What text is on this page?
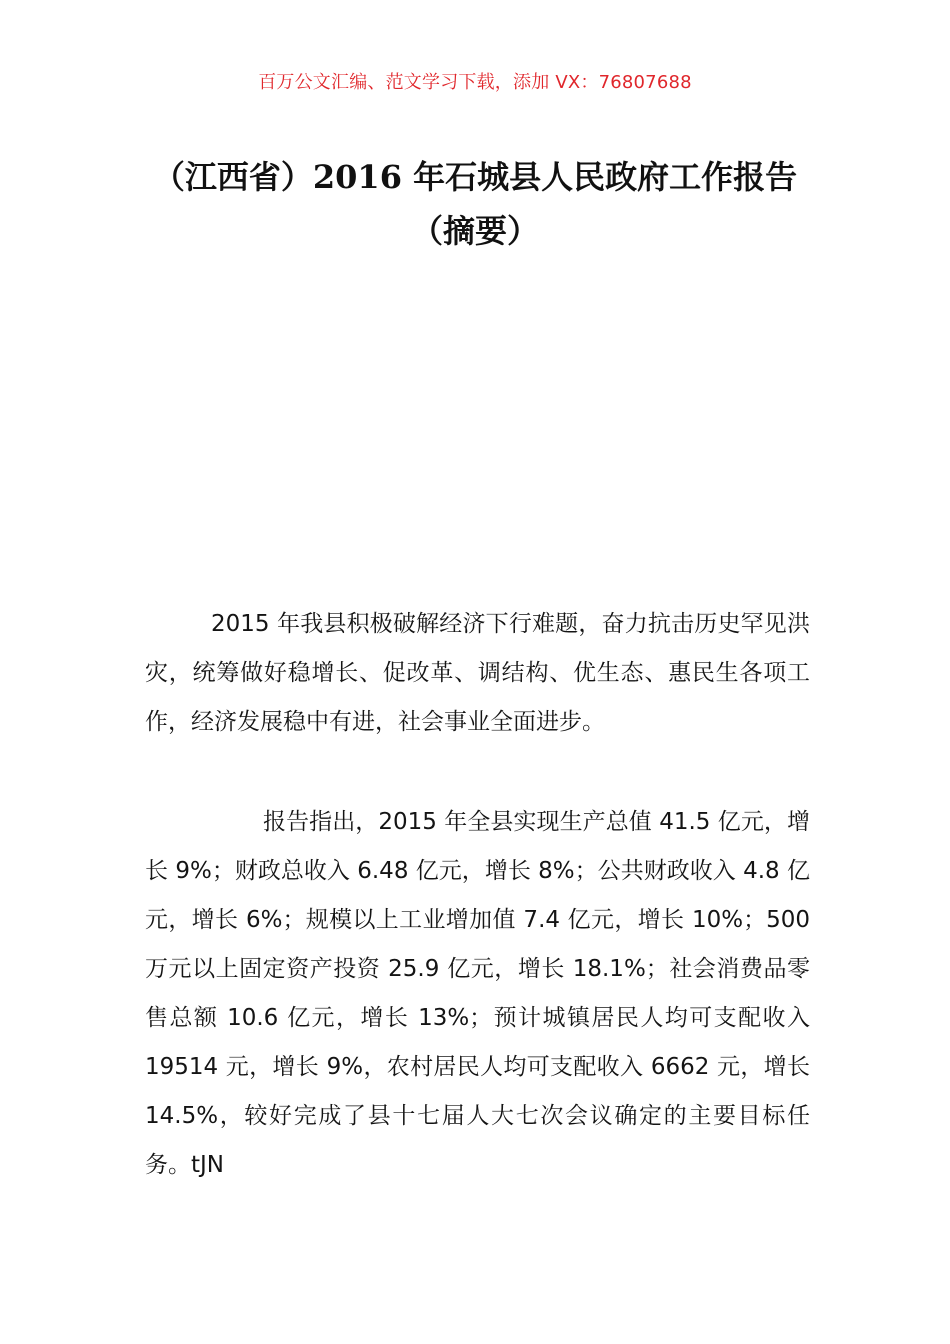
百万公文汇编、范文学习下载，添加 VX：76807688
（江西省）2016 年石城县人民政府工作报告（摘要）

2015 年我县积极破解经济下行难题，奋力抗击历史罕见洪灾，统筹做好稳增长、促改革、调结构、优生态、惠民生各项工作，经济发展稳中有进，社会事业全面进步。

报告指出，2015 年全县实现生产总值 41.5 亿元，增长 9%；财政总收入 6.48 亿元，增长 8%；公共财政收入 4.8 亿元，增长 6%；规模以上工业增加值 7.4 亿元，增长 10%；500 万元以上固定资产投资 25.9 亿元，增长 18.1%；社会消费品零售总额 10.6 亿元，增长 13%；预计城镇居民人均可支配收入 19514 元，增长 9%，农村居民人均可支配收入 6662 元，增长 14.5%，较好完成了县十七届人大七次会议确定的主要目标任务。tJN
